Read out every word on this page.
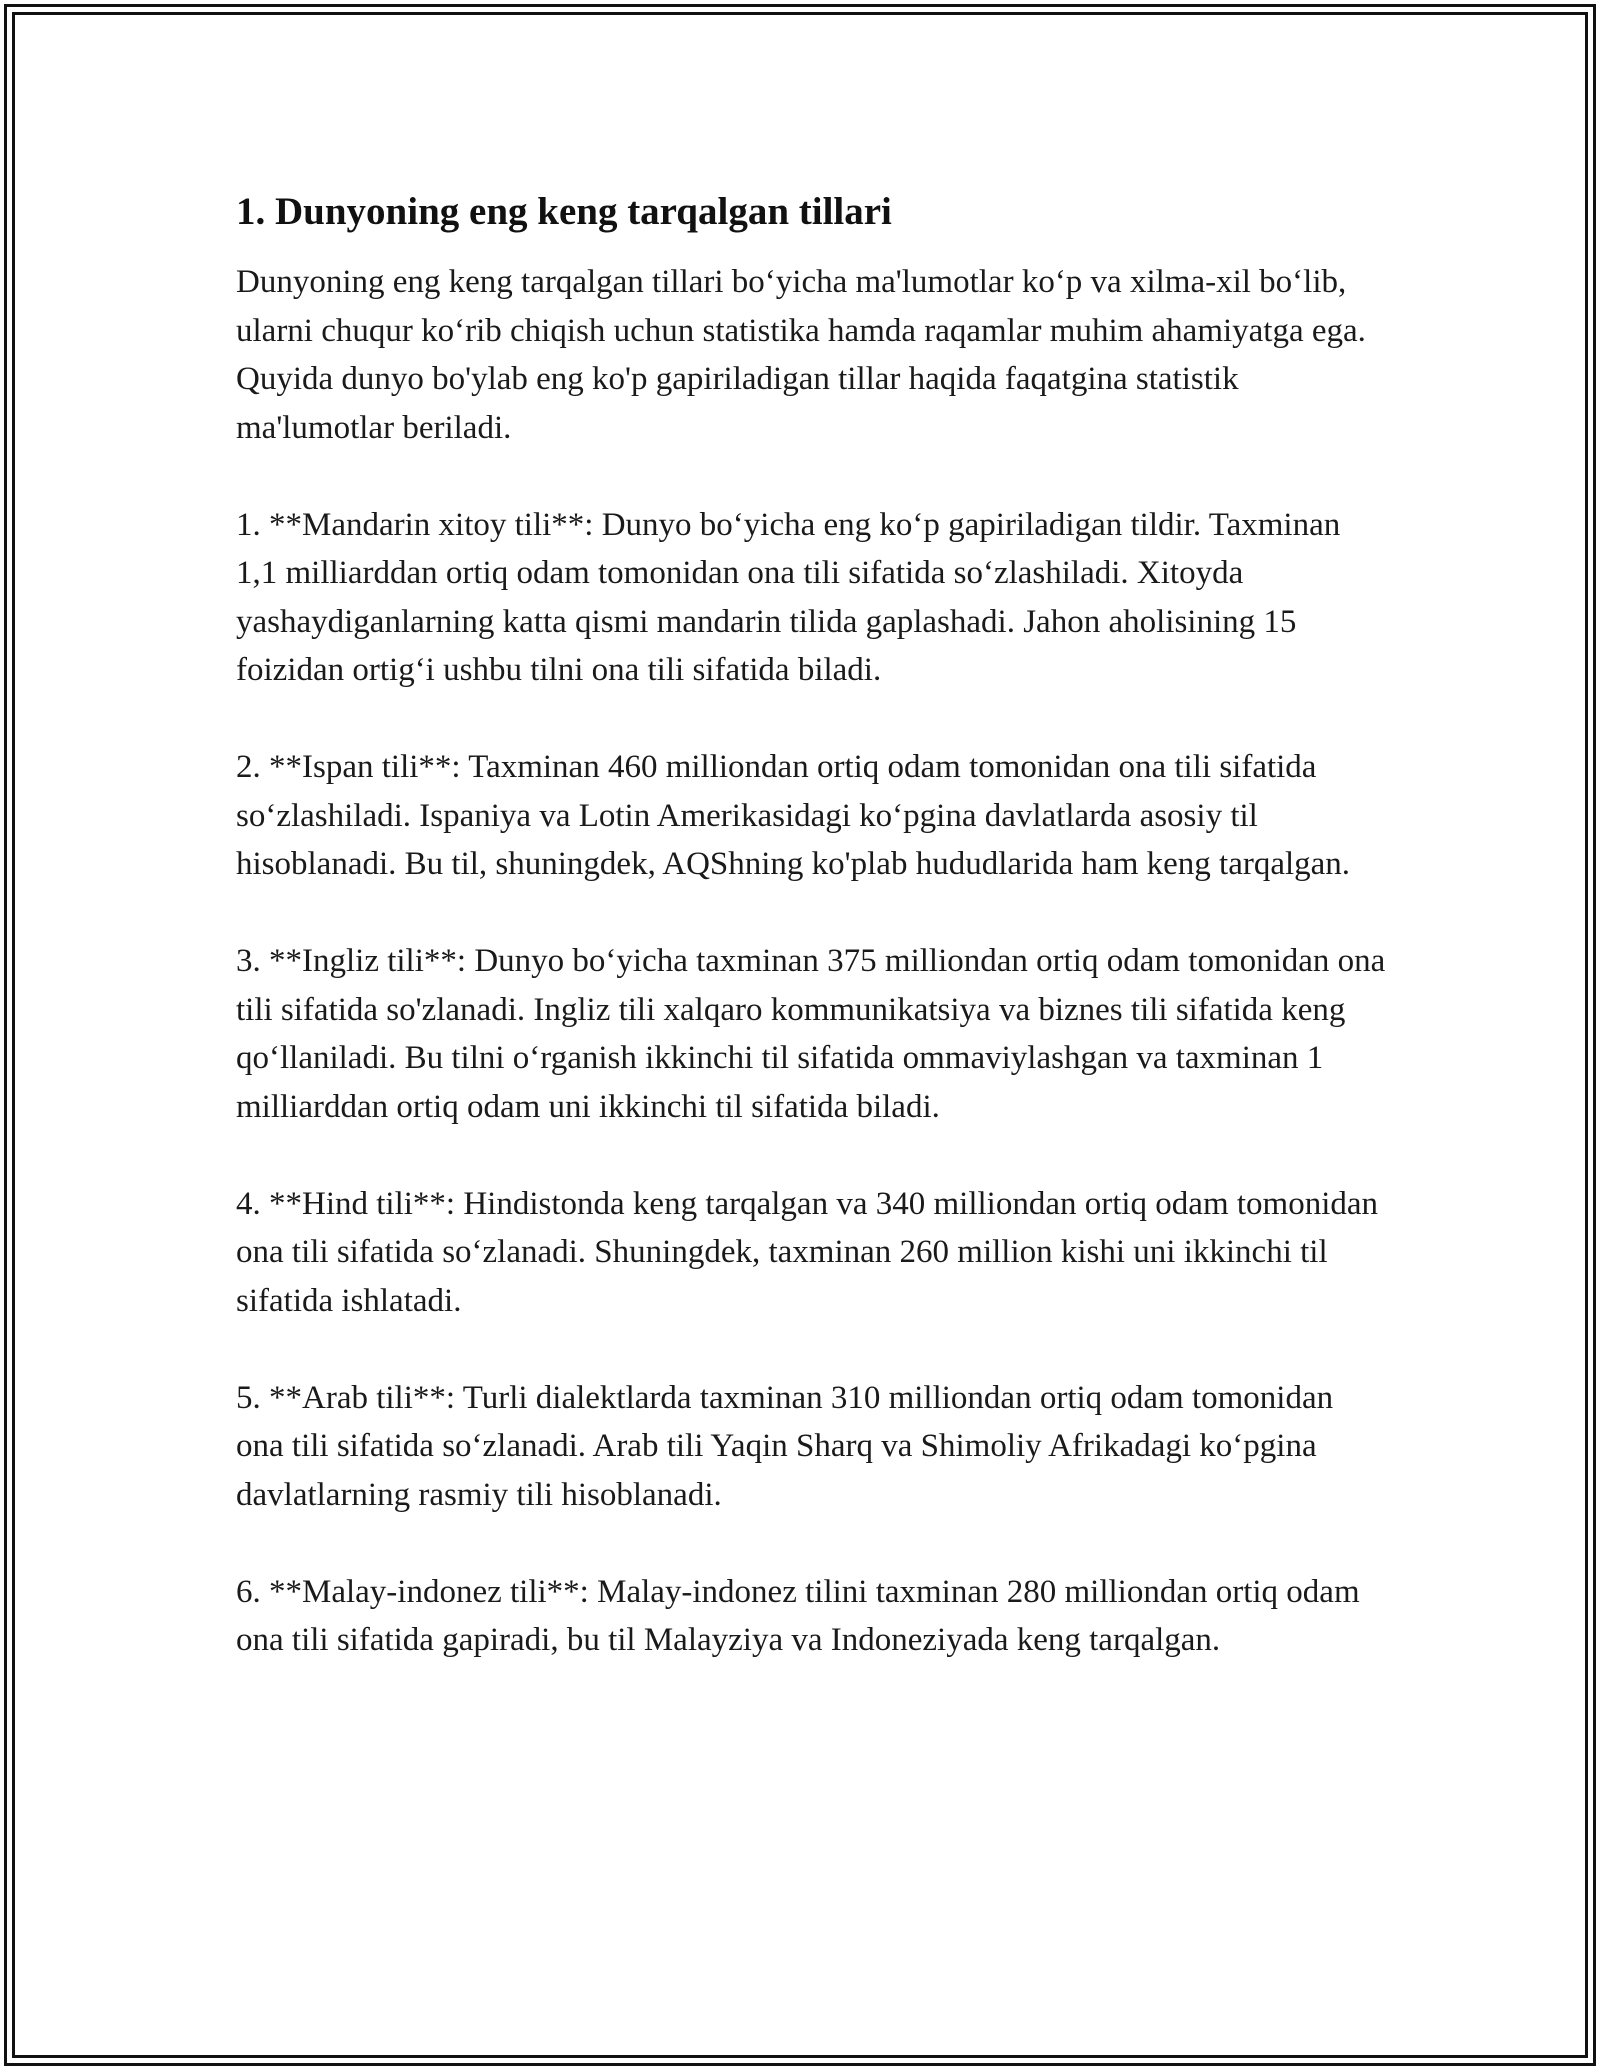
1. Dunyoning eng keng tarqalgan tillari

Dunyoning eng keng tarqalgan tillari bo‘yicha ma'lumotlar ko‘p va xilma-xil bo‘lib, ularni chuqur ko‘rib chiqish uchun statistika hamda raqamlar muhim ahamiyatga ega. Quyida dunyo bo'ylab eng ko'p gapiriladigan tillar haqida faqatgina statistik ma'lumotlar beriladi.

1. **Mandarin xitoy tili**: Dunyo bo‘yicha eng ko‘p gapiriladigan tildir. Taxminan 1,1 milliarddan ortiq odam tomonidan ona tili sifatida so‘zlashiladi. Xitoyda yashaydiganlarning katta qismi mandarin tilida gaplashadi. Jahon aholisining 15 foizidan ortig‘i ushbu tilni ona tili sifatida biladi.

2. **Ispan tili**: Taxminan 460 milliondan ortiq odam tomonidan ona tili sifatida so‘zlashiladi. Ispaniya va Lotin Amerikasidagi ko‘pgina davlatlarda asosiy til hisoblanadi. Bu til, shuningdek, AQShning ko'plab hududlarida ham keng tarqalgan.

3. **Ingliz tili**: Dunyo bo‘yicha taxminan 375 milliondan ortiq odam tomonidan ona tili sifatida so'zlanadi. Ingliz tili xalqaro kommunikatsiya va biznes tili sifatida keng qo‘llaniladi. Bu tilni o‘rganish ikkinchi til sifatida ommaviylashgan va taxminan 1 milliarddan ortiq odam uni ikkinchi til sifatida biladi.

4. **Hind tili**: Hindistonda keng tarqalgan va 340 milliondan ortiq odam tomonidan ona tili sifatida so‘zlanadi. Shuningdek, taxminan 260 million kishi uni ikkinchi til sifatida ishlatadi.

5. **Arab tili**: Turli dialektlarda taxminan 310 milliondan ortiq odam tomonidan ona tili sifatida so‘zlanadi. Arab tili Yaqin Sharq va Shimoliy Afrikadagi ko‘pgina davlatlarning rasmiy tili hisoblanadi.

6. **Malay-indonez tili**: Malay-indonez tilini taxminan 280 milliondan ortiq odam ona tili sifatida gapiradi, bu til Malayziya va Indoneziyada keng tarqalgan.
